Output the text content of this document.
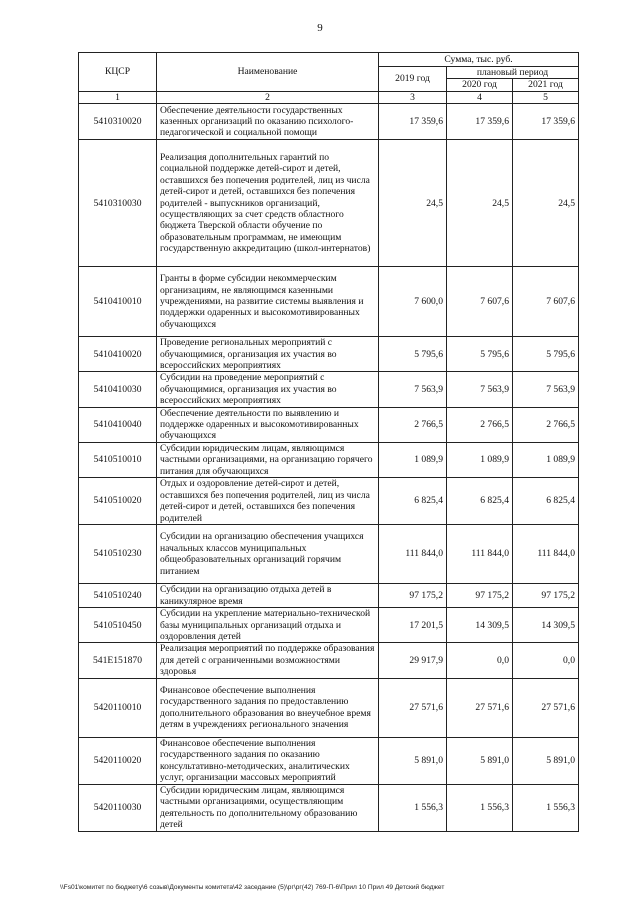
9
КЦСР	Наименование	Сумма, тыс. руб.		
		2019 год	плановый период	
			2020 год	2021 год
1	2	3	4	5
5410310020	Обеспечение деятельности государственных казенных организаций по оказанию психолого-педагогической и социальной помощи	17 359,6	17 359,6	17 359,6
5410310030	Реализация дополнительных гарантий по социальной поддержке детей-сирот и детей, оставшихся без попечения родителей, лиц из числа детей-сирот и детей, оставшихся без попечения родителей - выпускников организаций, осуществляющих за счет средств областного бюджета Тверской области обучение по образовательным программам, не имеющим государственную аккредитацию (школ-интернатов)	24,5	24,5	24,5
5410410010	Гранты в форме субсидии некоммерческим организациям, не являющимся казенными учреждениями, на развитие системы выявления и поддержки одаренных и высокомотивированных обучающихся	7 600,0	7 607,6	7 607,6
5410410020	Проведение региональных мероприятий с обучающимися, организация их участия во всероссийских мероприятиях	5 795,6	5 795,6	5 795,6
5410410030	Субсидии на проведение мероприятий с обучающимися, организация их участия во всероссийских мероприятиях	7 563,9	7 563,9	7 563,9
5410410040	Обеспечение деятельности по выявлению и поддержке одаренных и высокомотивированных обучающихся	2 766,5	2 766,5	2 766,5
5410510010	Субсидии юридическим лицам, являющимся частными организациями, на организацию горячего питания для обучающихся	1 089,9	1 089,9	1 089,9
5410510020	Отдых и оздоровление детей-сирот и детей, оставшихся без попечения родителей, лиц из числа детей-сирот и детей, оставшихся без попечения родителей	6 825,4	6 825,4	6 825,4
5410510230	Субсидии на организацию обеспечения учащихся начальных классов муниципальных общеобразовательных организаций горячим питанием	111 844,0	111 844,0	111 844,0
5410510240	Субсидии на организацию отдыха детей в каникулярное время	97 175,2	97 175,2	97 175,2
5410510450	Субсидии на укрепление материально-технической базы муниципальных организаций отдыха и оздоровления детей	17 201,5	14 309,5	14 309,5
541E151870	Реализация мероприятий по поддержке образования для детей с ограниченными возможностями здоровья	29 917,9	0,0	0,0
5420110010	Финансовое обеспечение выполнения государственного задания по предоставлению дополнительного образования во внеучебное время детям в учреждениях регионального значения	27 571,6	27 571,6	27 571,6
5420110020	Финансовое обеспечение выполнения государственного задания по оказанию консультативно-методических, аналитических услуг, организации массовых мероприятий	5 891,0	5 891,0	5 891,0
5420110030	Субсидии юридическим лицам, являющимся частными организациями, осуществляющим деятельность по дополнительному образованию детей	1 556,3	1 556,3	1 556,3
\\Fs01\комитет по бюджету\6 созыв\Документы комитета\42 заседание (5)\рг\рг(42) 769-П-6\Прил 10 Прил 49 Детский бюджет
